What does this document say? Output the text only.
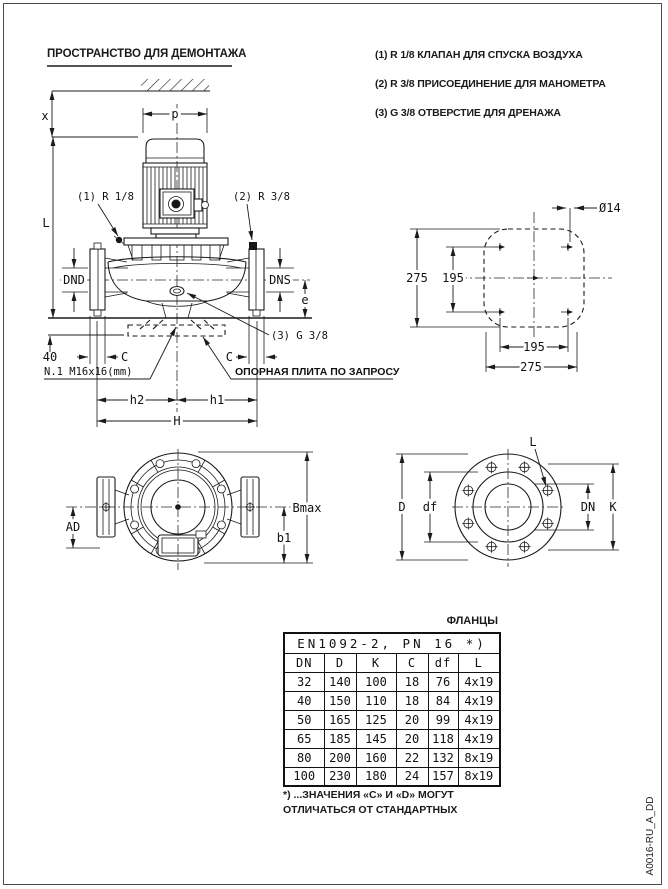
x	p
L
(1) R 1/8	(2) R 3/8
DND	DNS
e
40	C	C
N.1 M16x16(mm)	ОПОРНАЯ ПЛИТА ПО ЗАПРОСУ
(3) G 3/8
h2	h1
H
Ø14
275 195
195
275
AD
Bmax
b1
D df	DN K
L
ПРОСТРАНСТВО ДЛЯ ДЕМОНТАЖА	(1) R 1/8 КЛАПАН ДЛЯ СПУСКА ВОЗДУХА
(2) R 3/8 ПРИСОЕДИНЕНИЕ ДЛЯ МАНОМЕТРА
(3) G 3/8 ОТВЕРСТИЕ ДЛЯ ДРЕНАЖА
ФЛАНЦЫ
EN1092-2, PN 16 *)					
DN	D	K	C	df	L
32	140	100	18	76	4x19
40	150	110	18	84	4x19
50	165	125	20	99	4x19
65	185	145	20	118	4x19
80	200	160	22	132	8x19
100	230	180	24	157	8x19
*) ...ЗНАЧЕНИЯ «С» И «D» МОГУТ
ОТЛИЧАТЬСЯ ОТ СТАНДАРТНЫХ	A0016-RU_A_DD
